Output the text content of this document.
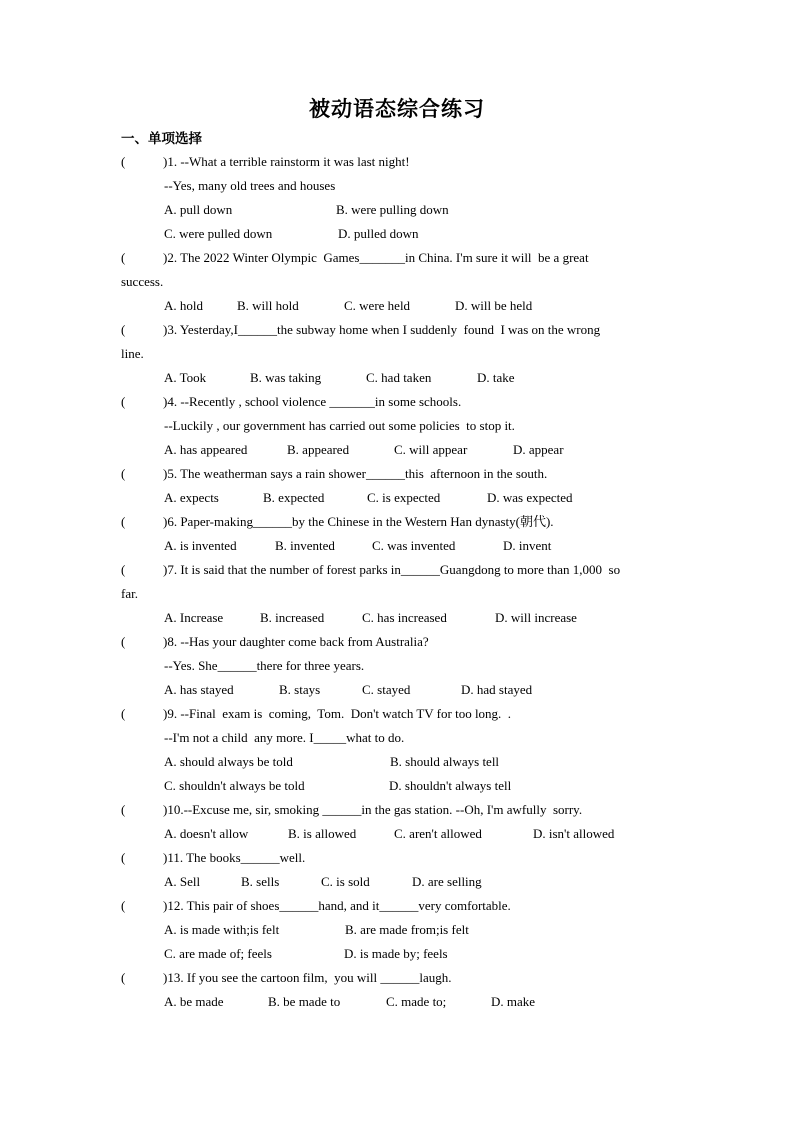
被动语态综合练习
一、单项选择
(	)1. --What a terrible rainstorm it was last night!
--Yes, many old trees and houses
A. pull down	B. were pulling down
C. were pulled down	D. pulled down
(	)2. The 2022 Winter Olympic  Games_______in China. I'm sure it will  be a great
success.
A. hold	B. will hold	C. were held	D. will be held
(	)3. Yesterday,I______the subway home when I suddenly  found  I was on the wrong
line.
A. Took	B. was taking	C. had taken	D. take
(	)4. --Recently , school violence _______in some schools.
--Luckily , our government has carried out some policies  to stop it.
A. has appeared	B. appeared	C. will appear	D. appear
(	)5. The weatherman says a rain shower______this  afternoon in the south.
A. expects	B. expected	C. is expected	D. was expected
(	)6. Paper-making______by the Chinese in the Western Han dynasty(朝代).
A. is invented	B. invented	C. was invented	D. invent
(	)7. It is said that the number of forest parks in______Guangdong to more than 1,000  so
far.
A. Increase	B. increased	C. has increased	D. will increase
(	)8. --Has your daughter come back from Australia?
--Yes. She______there for three years.
A. has stayed	B. stays	C. stayed	D. had stayed
(	)9. --Final  exam is  coming,  Tom.  Don't watch TV for too long.  .
--I'm not a child  any more. I_____what to do.
A. should always be told	B. should always tell
C. shouldn't always be told	D. shouldn't always tell
(	)10.--Excuse me, sir, smoking ______in the gas station. --Oh, I'm awfully  sorry.
A. doesn't allow	B. is allowed	C. aren't allowed	D. isn't allowed
(	)11. The books______well.
A. Sell	B. sells	C. is sold	D. are selling
(	)12. This pair of shoes______hand, and it______very comfortable.
A. is made with;is felt	B. are made from;is felt
C. are made of; feels	D. is made by; feels
(	)13. If you see the cartoon film,  you will ______laugh.
A. be made	B. be made to	C. made to;	D. make
